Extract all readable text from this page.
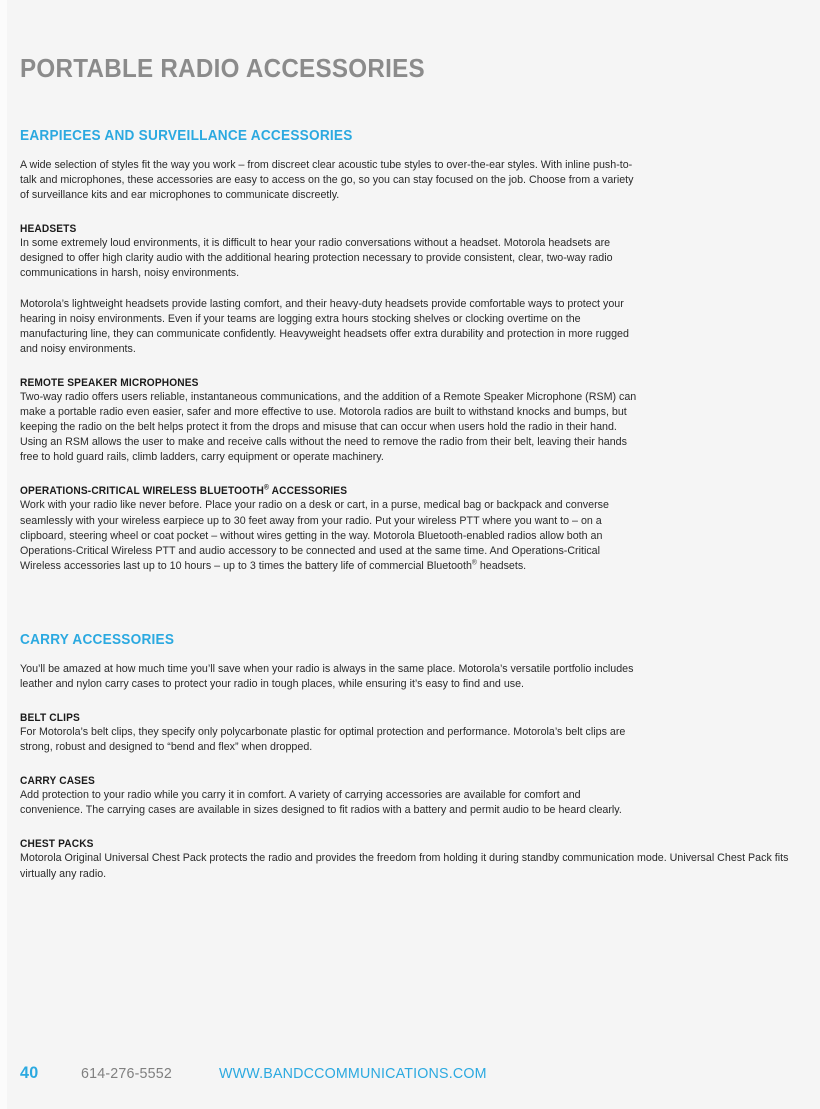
PORTABLE RADIO ACCESSORIES
EARPIECES AND SURVEILLANCE ACCESSORIES

A wide selection of styles fit the way you work – from discreet clear acoustic tube styles to over-the-ear styles. With inline push-to-talk and microphones, these accessories are easy to access on the go, so you can stay focused on the job. Choose from a variety of surveillance kits and ear microphones to communicate discreetly.

HEADSETS

In some extremely loud environments, it is difficult to hear your radio conversations without a headset. Motorola headsets are designed to offer high clarity audio with the additional hearing protection necessary to provide consistent, clear, two-way radio communications in harsh, noisy environments.

Motorola’s lightweight headsets provide lasting comfort, and their heavy-duty headsets provide comfortable ways to protect your hearing in noisy environments. Even if your teams are logging extra hours stocking shelves or clocking overtime on the manufacturing line, they can communicate confidently. Heavyweight headsets offer extra durability and protection in more rugged and noisy environments.

REMOTE SPEAKER MICROPHONES

Two-way radio offers users reliable, instantaneous communications, and the addition of a Remote Speaker Microphone (RSM) can make a portable radio even easier, safer and more effective to use. Motorola radios are built to withstand knocks and bumps, but keeping the radio on the belt helps protect it from the drops and misuse that can occur when users hold the radio in their hand. Using an RSM allows the user to make and receive calls without the need to remove the radio from their belt, leaving their hands free to hold guard rails, climb ladders, carry equipment or operate machinery.

OPERATIONS-CRITICAL WIRELESS BLUETOOTH® ACCESSORIES

Work with your radio like never before. Place your radio on a desk or cart, in a purse, medical bag or backpack and converse seamlessly with your wireless earpiece up to 30 feet away from your radio. Put your wireless PTT where you want to – on a clipboard, steering wheel or coat pocket – without wires getting in the way. Motorola Bluetooth-enabled radios allow both an Operations-Critical Wireless PTT and audio accessory to be connected and used at the same time. And Operations-Critical Wireless accessories last up to 10 hours – up to 3 times the battery life of commercial Bluetooth® headsets.

CARRY ACCESSORIES

You’ll be amazed at how much time you’ll save when your radio is always in the same place. Motorola’s versatile portfolio includes leather and nylon carry cases to protect your radio in tough places, while ensuring it’s easy to find and use.

BELT CLIPS

For Motorola’s belt clips, they specify only polycarbonate plastic for optimal protection and performance. Motorola’s belt clips are strong, robust and designed to “bend and flex” when dropped.

CARRY CASES

Add protection to your radio while you carry it in comfort. A variety of carrying accessories are available for comfort and convenience. The carrying cases are available in sizes designed to fit radios with a battery and permit audio to be heard clearly.

CHEST PACKS

Motorola Original Universal Chest Pack protects the radio and provides the freedom from holding it during standby communication mode. Universal Chest Pack fits virtually any radio.

40	614-276-5552	WWW.BANDCCOMMUNICATIONS.COM
